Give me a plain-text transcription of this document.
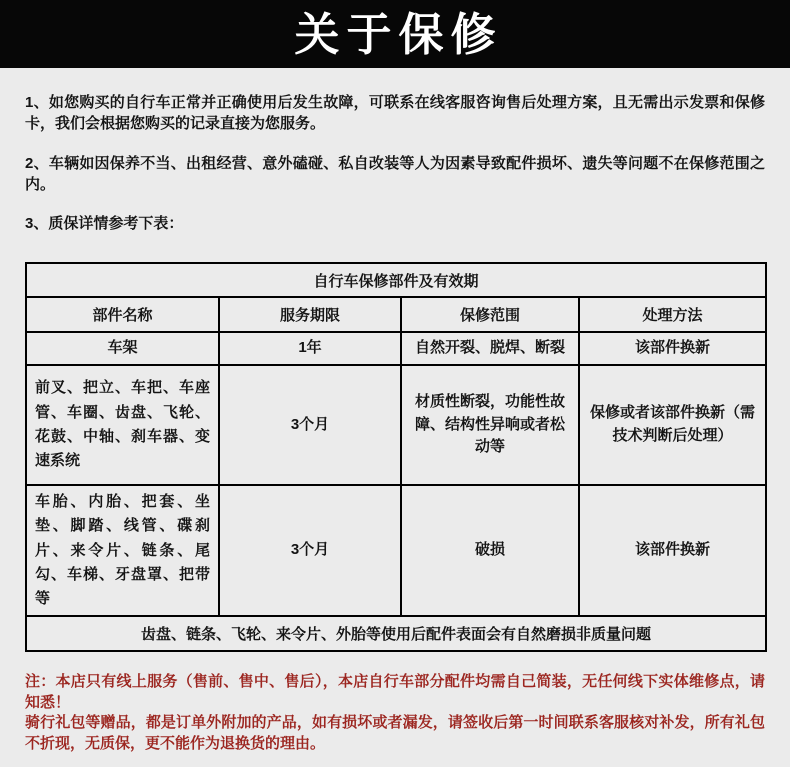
关于保修

1、如您购买的自行车正常并正确使用后发生故障，可联系在线客服咨询售后处理方案，且无需出示发票和保修卡，我们会根据您购买的记录直接为您服务。

2、车辆如因保养不当、出租经营、意外磕碰、私自改装等人为因素导致配件损坏、遗失等问题不在保修范围之内。

3、质保详情参考下表：

自行车保修部件及有效期			
部件名称	服务期限	保修范围	处理方法
车架	1年	自然开裂、脱焊、断裂	该部件换新
前叉、把立、车把、车座管、车圈、齿盘、飞轮、花鼓、中轴、刹车器、变速系统	3个月	材质性断裂，功能性故障、结构性异响或者松动等	保修或者该部件换新（需技术判断后处理）
车胎、内胎、把套、坐垫、脚踏、线管、碟刹片、来令片、链条、尾勾、车梯、牙盘罩、把带等	3个月	破损	该部件换新
齿盘、链条、飞轮、来令片、外胎等使用后配件表面会有自然磨损非质量问题			

注：本店只有线上服务（售前、售中、售后），本店自行车部分配件均需自己简装，无任何线下实体维修点，请知悉！

骑行礼包等赠品，都是订单外附加的产品，如有损坏或者漏发，请签收后第一时间联系客服核对补发，所有礼包不折现，无质保，更不能作为退换货的理由。
